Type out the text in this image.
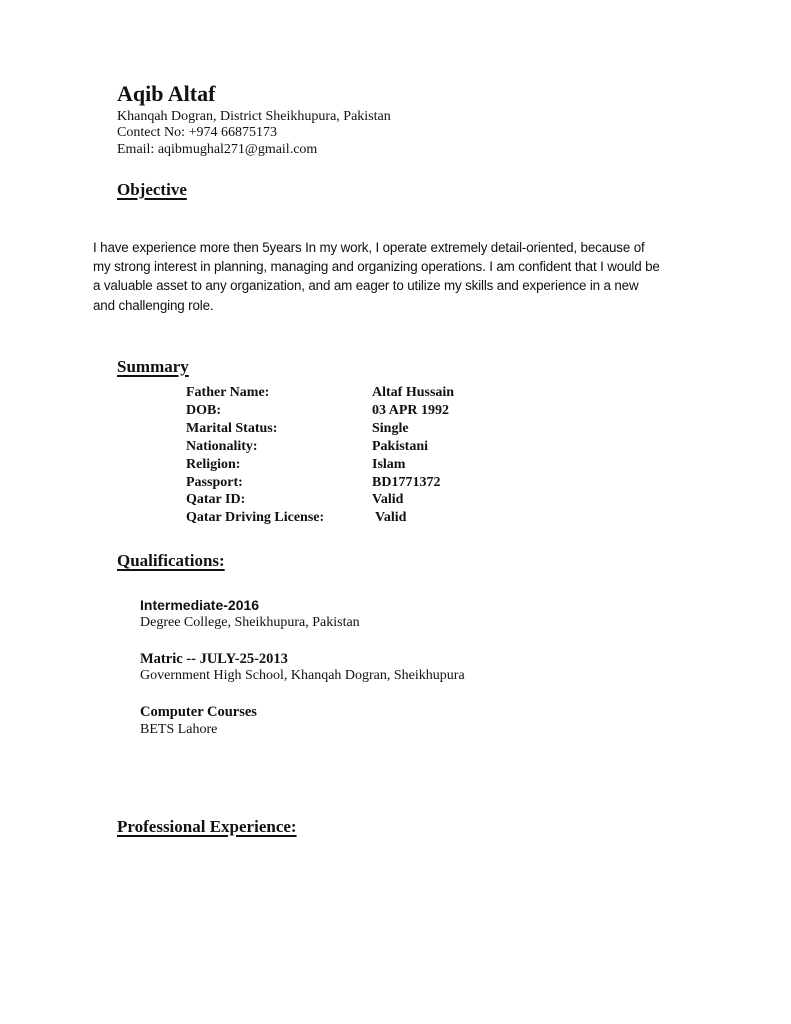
Aqib Altaf

Khanqah Dogran, District Sheikhupura, Pakistan

Contect No: +974 66875173

Email: aqibmughal271@gmail.com

Objective

I have experience more then 5years In my work, I operate extremely detail-oriented, because of my strong interest in planning, managing and organizing operations. I am confident that I would be a valuable asset to any organization, and am eager to utilize my skills and experience in a new and challenging role.

Summary
Father Name:	Altaf Hussain
DOB:	03 APR 1992
Marital Status:	Single
Nationality:	Pakistani
Religion:	Islam
Passport:	BD1771372
Qatar ID:	Valid
Qatar Driving License:	Valid
Qualifications:

Intermediate-2016

Degree College, Sheikhupura, Pakistan

Matric -- JULY-25-2013

Government High School, Khanqah Dogran, Sheikhupura

Computer Courses

BETS Lahore

Professional Experience:
